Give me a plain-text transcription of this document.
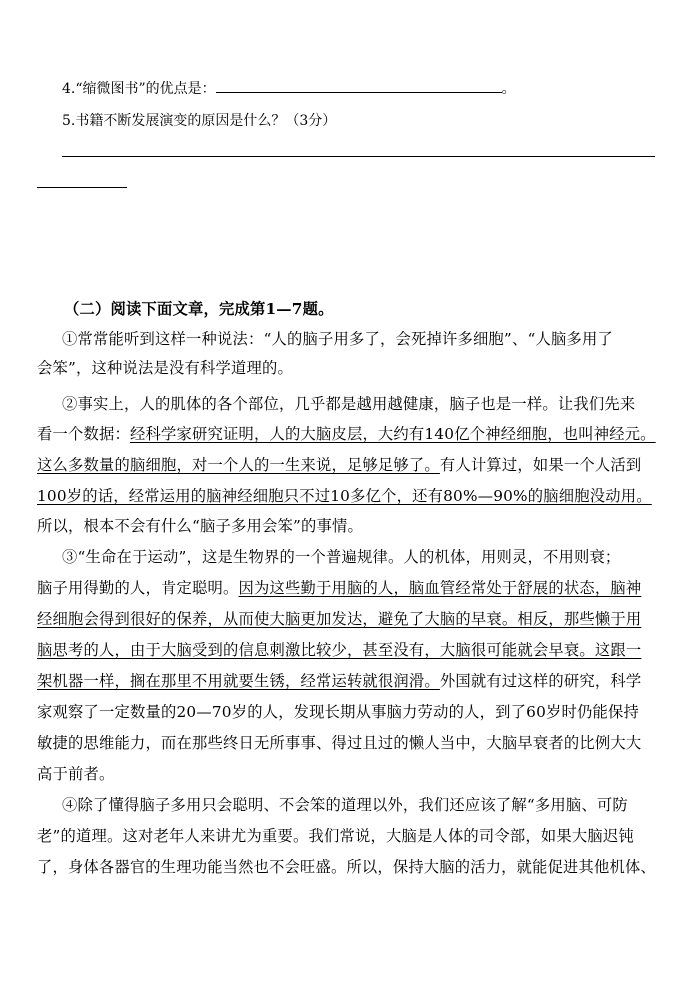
4.“缩微图书”的优点是：	。
5.书籍不断发展演变的原因是什么？（3分）
（二）阅读下面文章，完成第1—7题。
①常常能听到这样一种说法：“人的脑子用多了，会死掉许多细胞”、“人脑多用了
会笨”，这种说法是没有科学道理的。
②事实上，人的肌体的各个部位，几乎都是越用越健康，脑子也是一样。让我们先来
看一个数据：经科学家研究证明，人的大脑皮层，大约有140亿个神经细胞，也叫神经元。
这么多数量的脑细胞，对一个人的一生来说，足够足够了。有人计算过，如果一个人活到
100岁的话，经常运用的脑神经细胞只不过10多亿个，还有80%—90%的脑细胞没动用。
所以，根本不会有什么“脑子多用会笨”的事情。
③“生命在于运动”，这是生物界的一个普遍规律。人的机体，用则灵，不用则衰；
脑子用得勤的人，肯定聪明。因为这些勤于用脑的人，脑血管经常处于舒展的状态，脑神
经细胞会得到很好的保养，从而使大脑更加发达，避免了大脑的早衰。相反，那些懒于用
脑思考的人，由于大脑受到的信息刺激比较少，甚至没有，大脑很可能就会早衰。这跟一
架机器一样，搁在那里不用就要生锈，经常运转就很润滑。外国就有过这样的研究，科学
家观察了一定数量的20—70岁的人，发现长期从事脑力劳动的人，到了60岁时仍能保持
敏捷的思维能力，而在那些终日无所事事、得过且过的懒人当中，大脑早衰者的比例大大
高于前者。
④除了懂得脑子多用只会聪明、不会笨的道理以外，我们还应该了解“多用脑、可防
老”的道理。这对老年人来讲尤为重要。我们常说，大脑是人体的司令部，如果大脑迟钝
了，身体各器官的生理功能当然也不会旺盛。所以，保持大脑的活力，就能促进其他机体、
